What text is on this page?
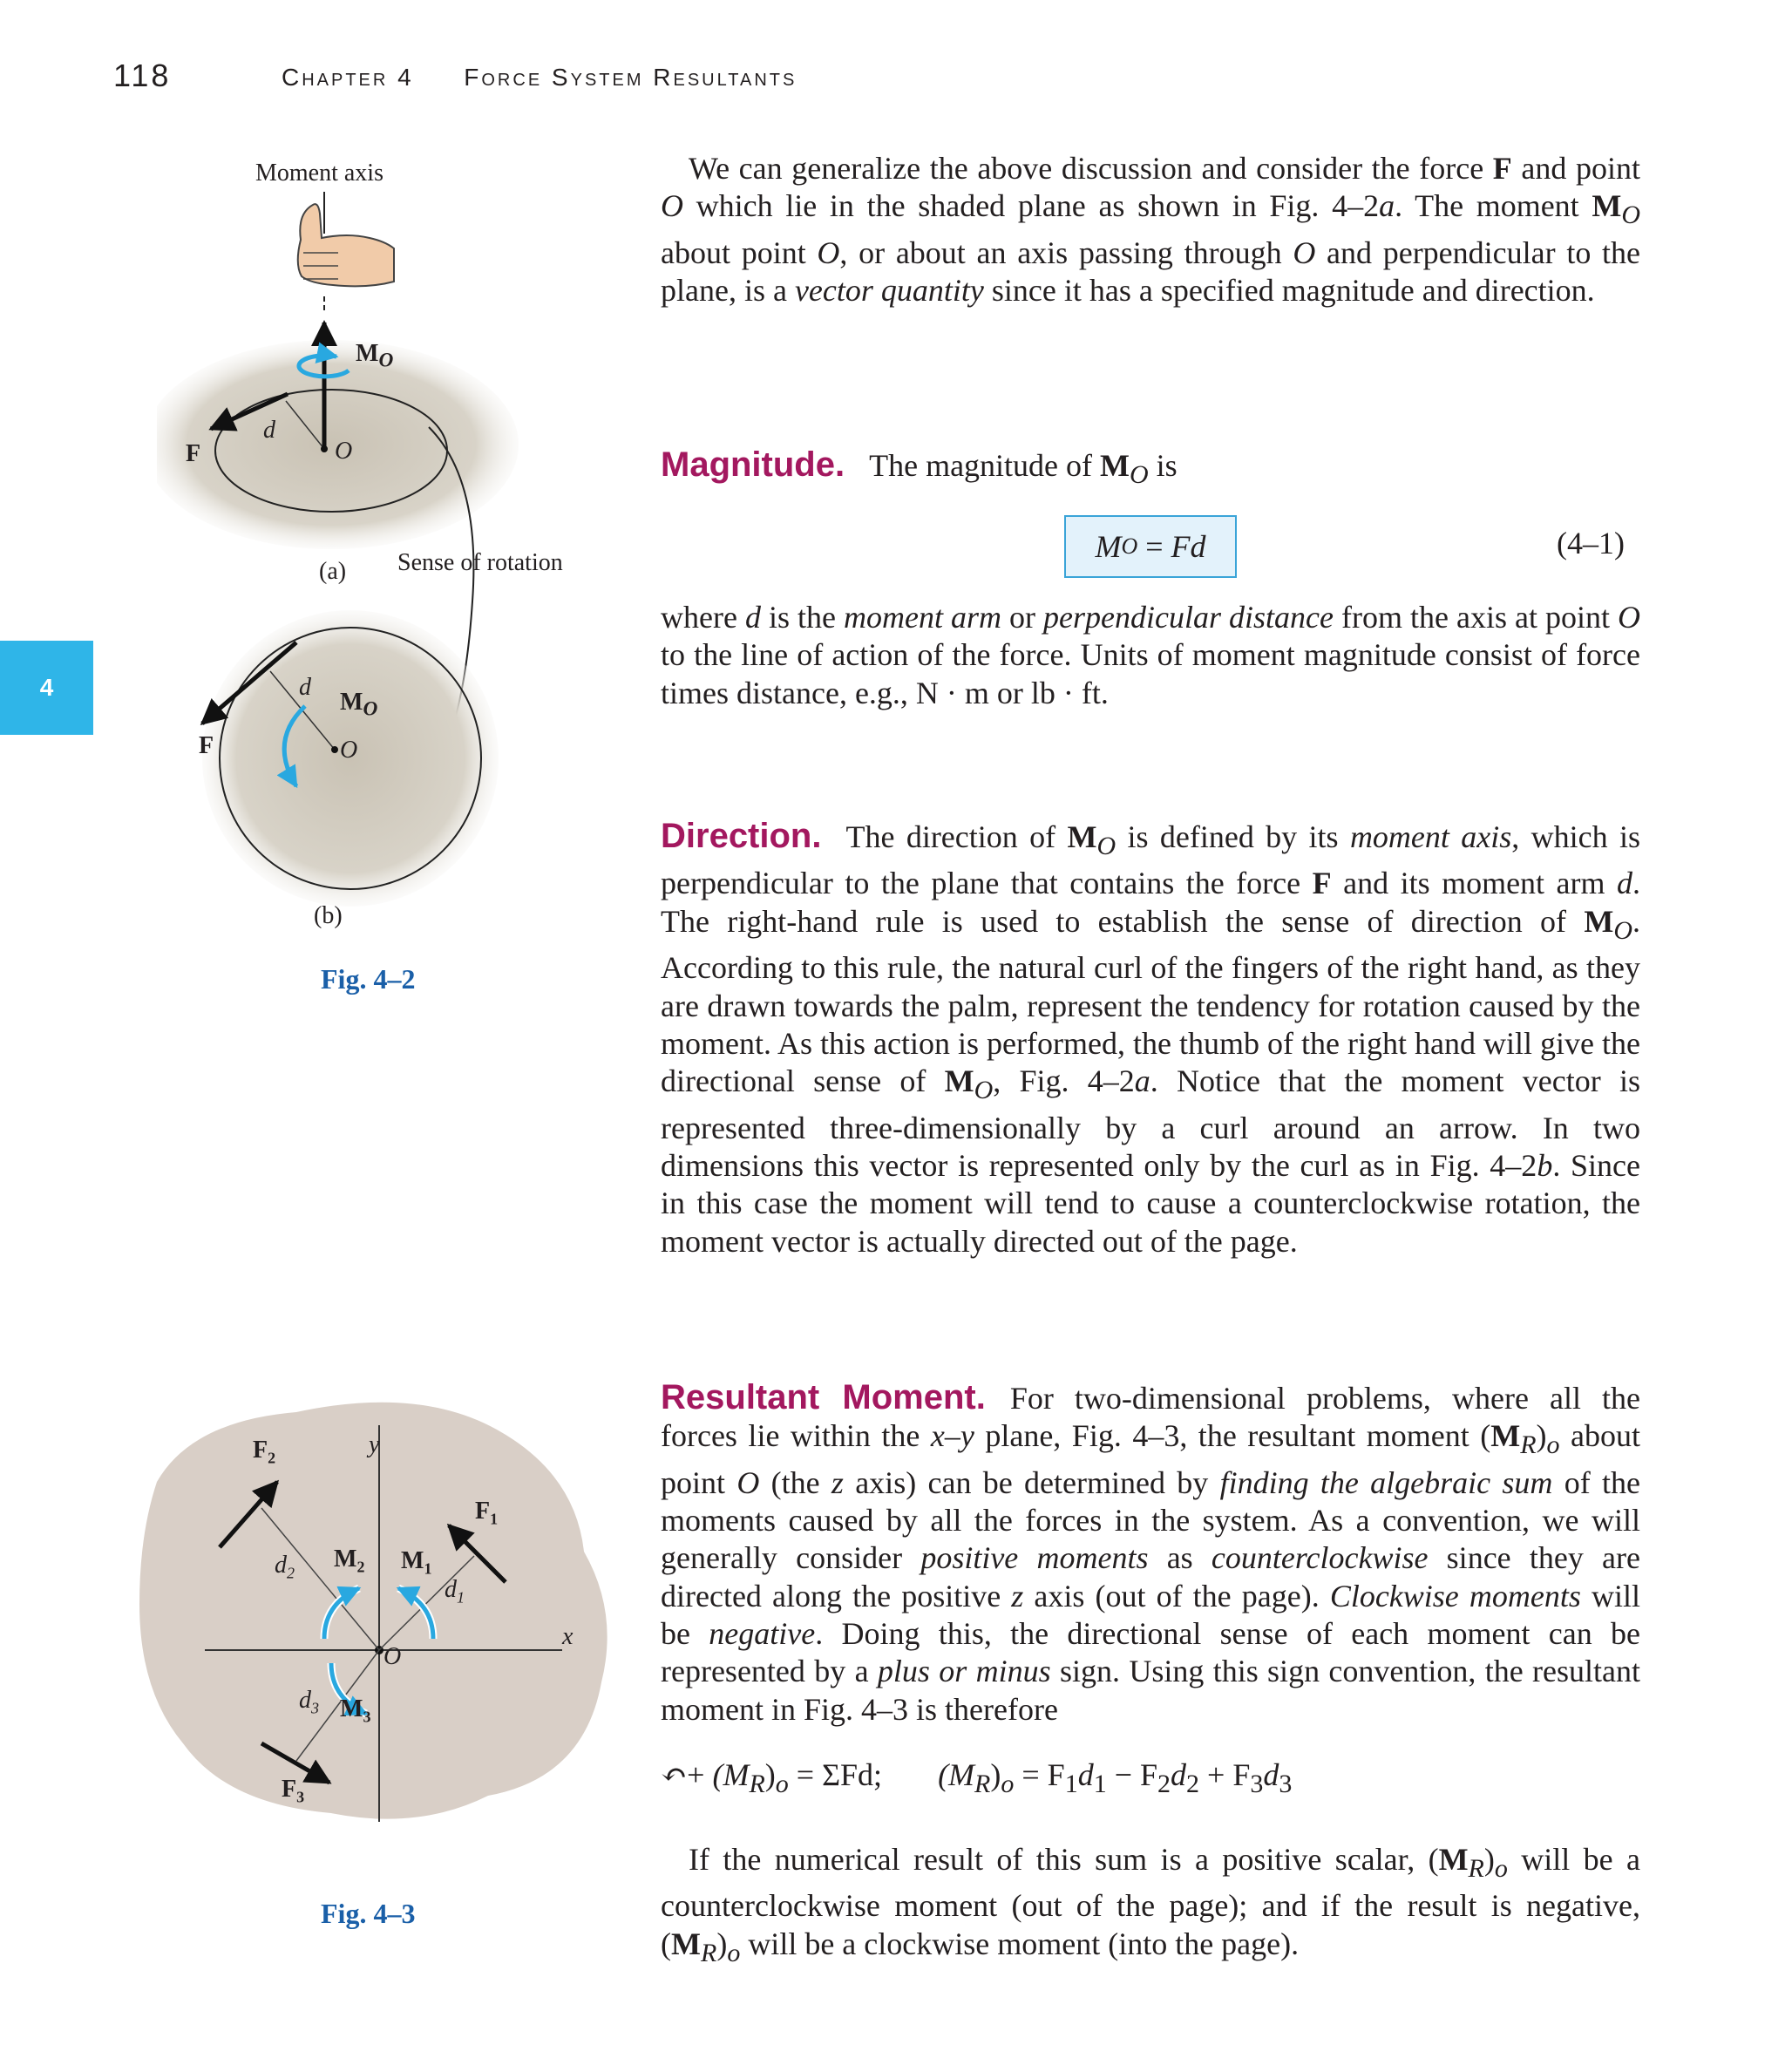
118	Chapter 4 Force System Resultants
4

We can generalize the above discussion and consider the force F and point O which lie in the shaded plane as shown in Fig. 4–2a. The moment $M_O$ about point O, or about an axis passing through O and perpendicular to the plane, is a vector quantity since it has a specified magnitude and direction.

Magnitude. The magnitude of $M_O$ is

M O = Fd	(4–1)

where d is the moment arm or perpendicular distance from the axis at point O to the line of action of the force. Units of moment magnitude consist of force times distance, e.g., N · m or lb · ft.

Direction. The direction of $M_O$ is defined by its moment axis, which is perpendicular to the plane that contains the force F and its moment arm d. The right-hand rule is used to establish the sense of direction of $M_O$. According to this rule, the natural curl of the fingers of the right hand, as they are drawn towards the palm, represent the tendency for rotation caused by the moment. As this action is performed, the thumb of the right hand will give the directional sense of $M_O$, Fig. 4–2a. Notice that the moment vector is represented three-dimensionally by a curl around an arrow. In two dimensions this vector is represented only by the curl as in Fig. 4–2b. Since in this case the moment will tend to cause a counterclockwise rotation, the moment vector is actually directed out of the page.

Resultant Moment. For two-dimensional problems, where all the forces lie within the x–y plane, Fig. 4–3, the resultant moment $(M_R)_o$ about point O (the z axis) can be determined by finding the algebraic sum of the moments caused by all the forces in the system. As a convention, we will generally consider positive moments as counterclockwise since they are directed along the positive z axis (out of the page). Clockwise moments will be negative. Doing this, the directional sense of each moment can be represented by a plus or minus sign. Using this sign convention, the resultant moment in Fig. 4–3 is therefore

↶+ $(M_R)_o = \Sigma Fd$; $(M_R)_o = F_1d_1 - F_2d_2 + F_3d_3$

If the numerical result of this sum is a positive scalar, $(M_R)_o$ will be a counterclockwise moment (out of the page); and if the result is negative, $(M_R)_o$ will be a clockwise moment (into the page).

Moment axis
$M_O$
F
d
O
(a) Sense of rotation
d
$M_O$
F	O
(b)
Fig. 4–2
$F_2$	y
$F_1$
$d_2$
$M_2$ $M_1$
$d_1$
x
O
$d_3$ $M_3$
$F_3$
Fig. 4–3
